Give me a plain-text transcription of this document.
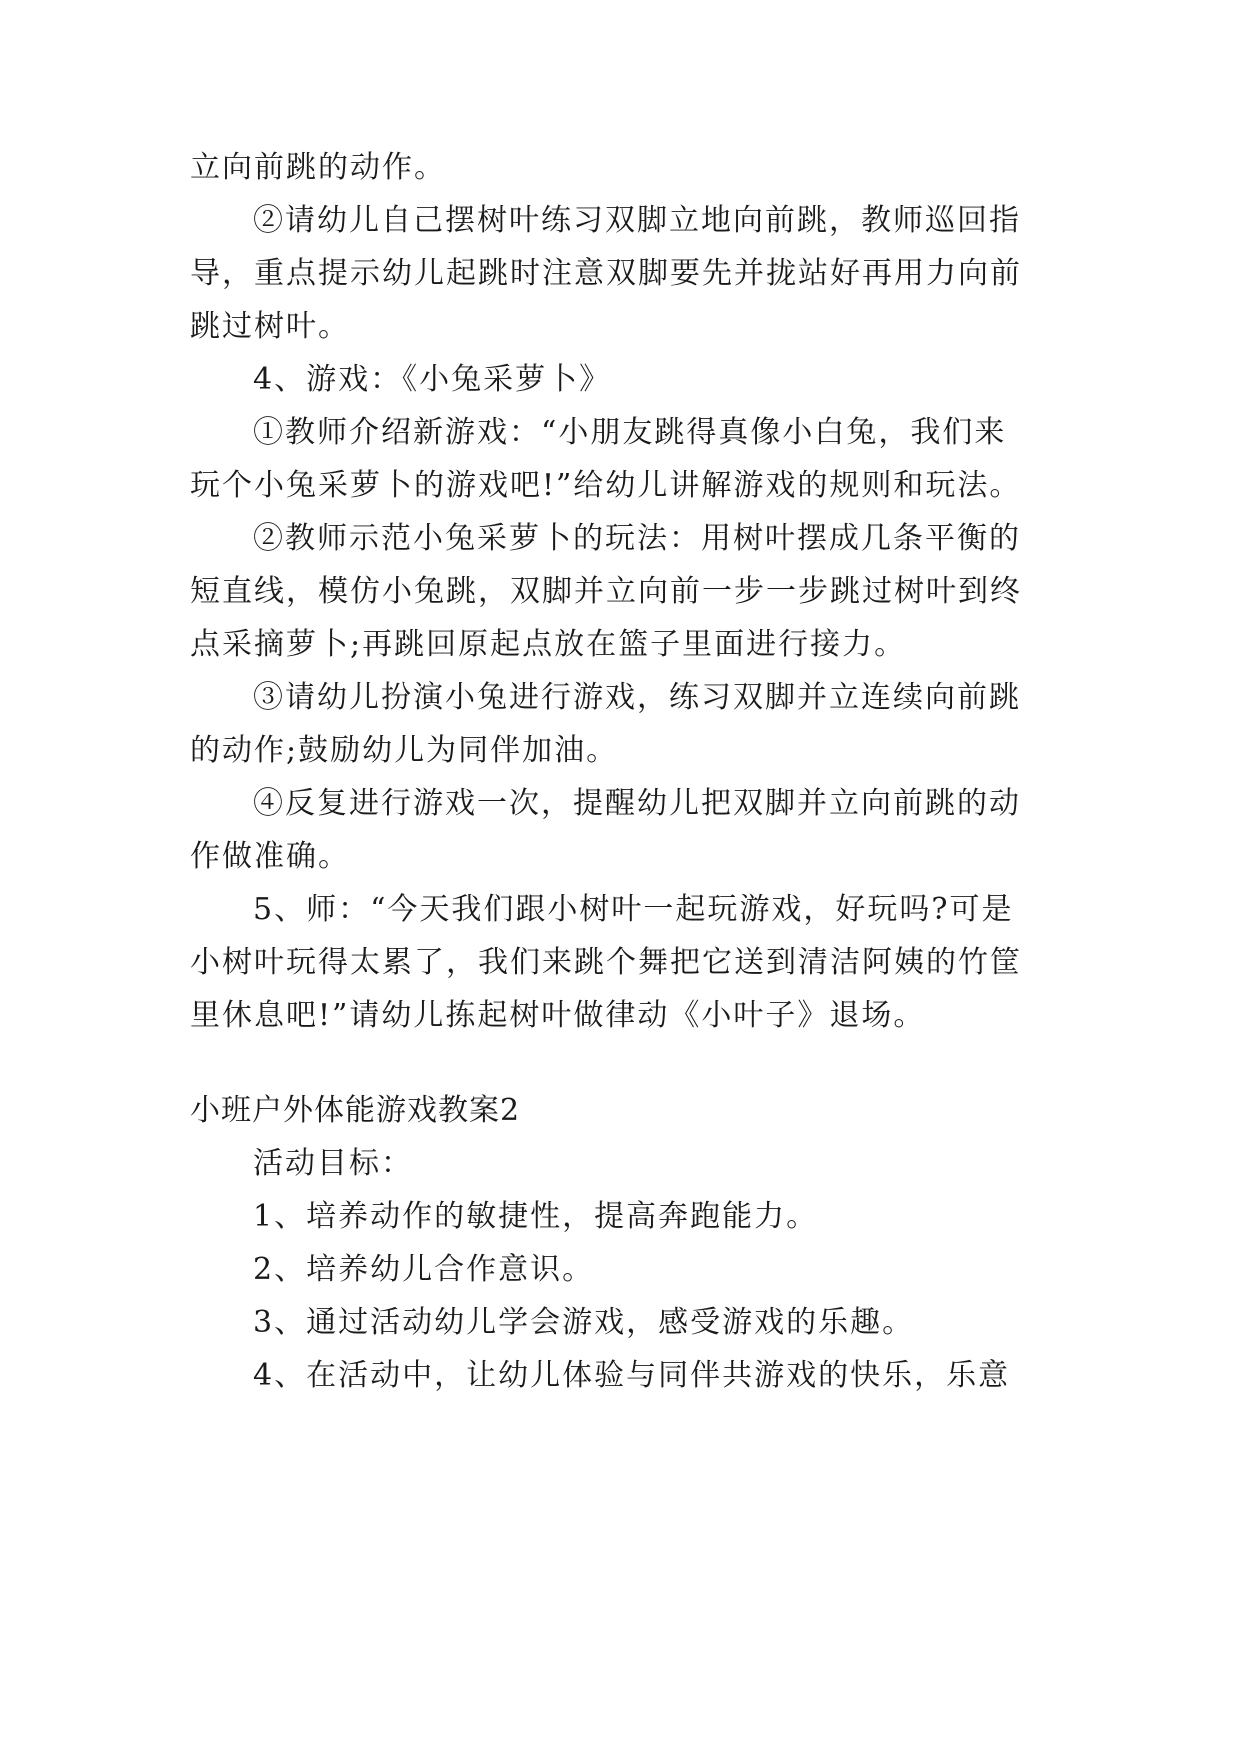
立向前跳的动作。
②请幼儿自己摆树叶练习双脚立地向前跳，教师巡回指
导，重点提示幼儿起跳时注意双脚要先并拢站好再用力向前
跳过树叶。
4、游戏：《小兔采萝卜》
①教师介绍新游戏：“小朋友跳得真像小白兔，我们来
玩个小兔采萝卜的游戏吧!”给幼儿讲解游戏的规则和玩法。
②教师示范小兔采萝卜的玩法：用树叶摆成几条平衡的
短直线，模仿小兔跳，双脚并立向前一步一步跳过树叶到终
点采摘萝卜;再跳回原起点放在篮子里面进行接力。
③请幼儿扮演小兔进行游戏，练习双脚并立连续向前跳
的动作;鼓励幼儿为同伴加油。
④反复进行游戏一次，提醒幼儿把双脚并立向前跳的动
作做准确。
5、师：“今天我们跟小树叶一起玩游戏，好玩吗?可是
小树叶玩得太累了，我们来跳个舞把它送到清洁阿姨的竹筐
里休息吧!”请幼儿拣起树叶做律动《小叶子》退场。
小班户外体能游戏教案2
活动目标：
1、培养动作的敏捷性，提高奔跑能力。
2、培养幼儿合作意识。
3、通过活动幼儿学会游戏，感受游戏的乐趣。
4、在活动中，让幼儿体验与同伴共游戏的快乐，乐意
